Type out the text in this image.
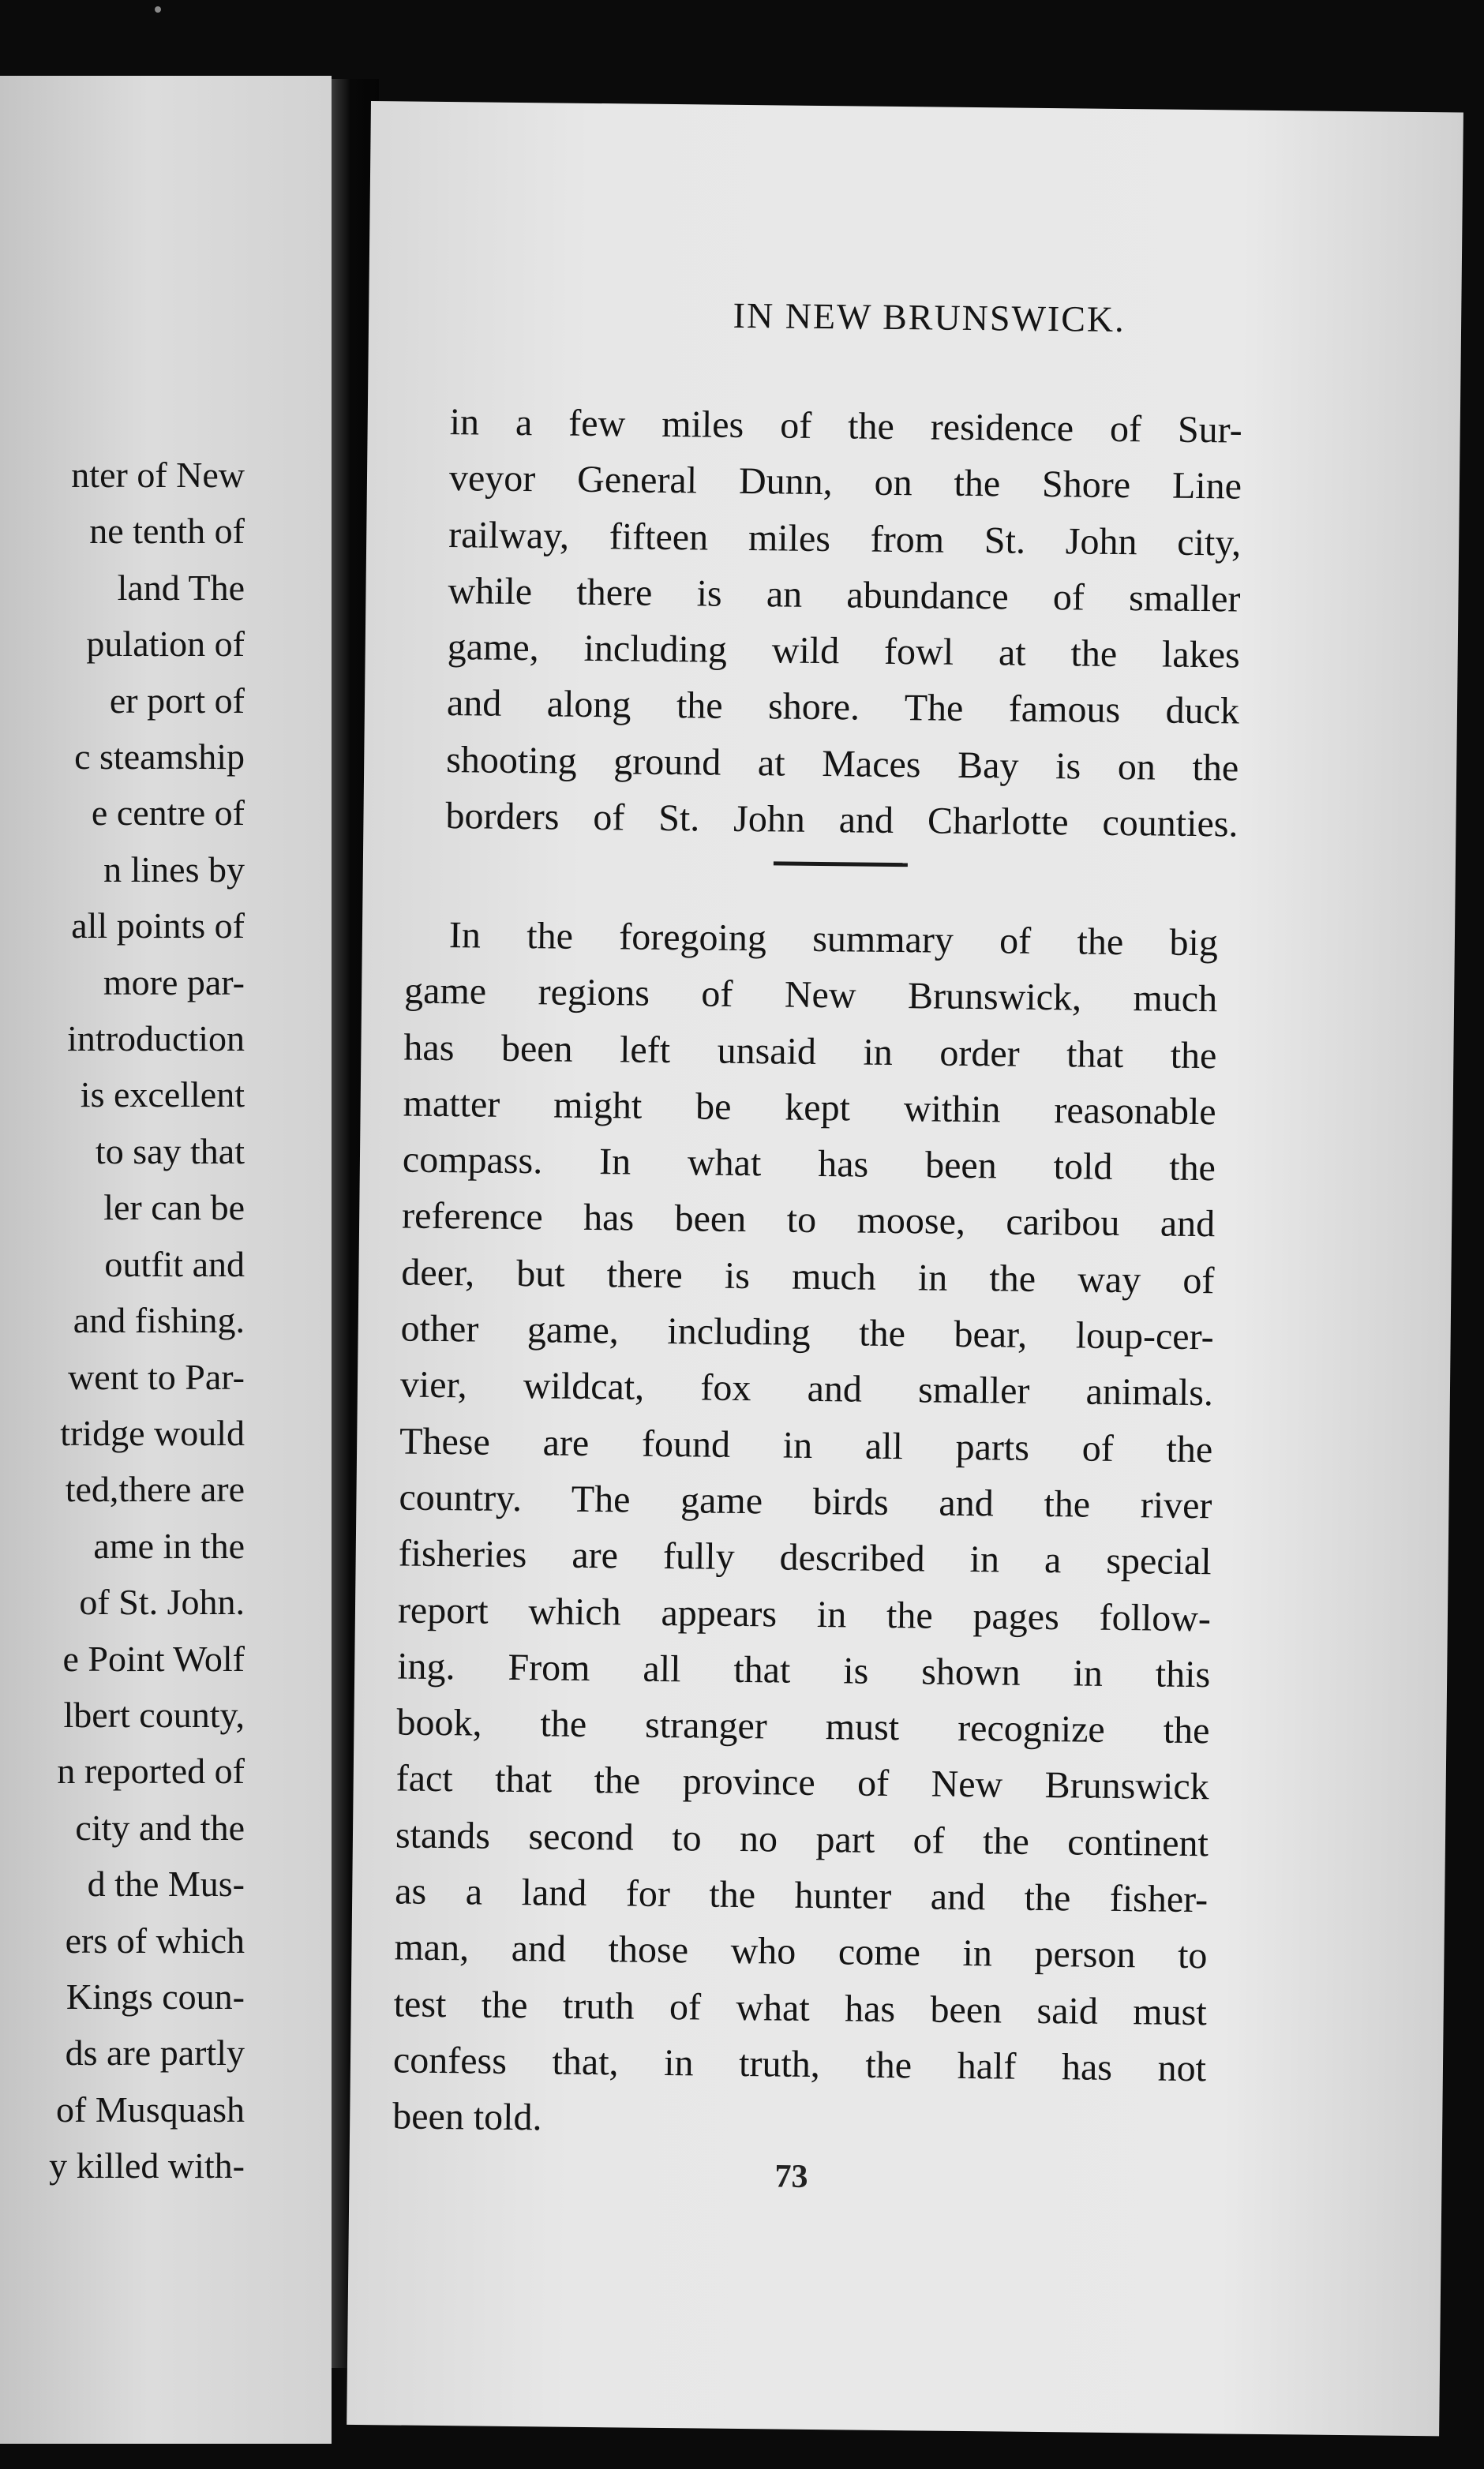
nter of New
ne tenth of
land The
pulation of
er port of
c steamship
e centre of
n lines by
all points of
more par-
introduction
is excellent
to say that
ler can be
outfit and
and fishing.
went to Par-
tridge would
ted,there are
ame in the
of St. John.
e Point Wolf
lbert county,
n reported of
city and the
d the Mus-
ers of which
Kings coun-
ds are partly
of Musquash
y killed with-
IN NEW BRUNSWICK.

in a few miles of the residence of Sur-
veyor General Dunn, on the Shore Line
railway, fifteen miles from St. John city,
while there is an abundance of smaller
game, including wild fowl at the lakes
and along the shore. The famous duck
shooting ground at Maces Bay is on the
borders of St. John and Charlotte counties.

In the foregoing summary of the big
game regions of New Brunswick, much
has been left unsaid in order that the
matter might be kept within reasonable
compass. In what has been told the
reference has been to moose, caribou and
deer, but there is much in the way of
other game, including the bear, loup-cer-
vier, wildcat, fox and smaller animals.
These are found in all parts of the
country. The game birds and the river
fisheries are fully described in a special
report which appears in the pages follow-
ing. From all that is shown in this
book, the stranger must recognize the
fact that the province of New Brunswick
stands second to no part of the continent
as a land for the hunter and the fisher-
man, and those who come in person to
test the truth of what has been said must
confess that, in truth, the half has not
been told.

73
